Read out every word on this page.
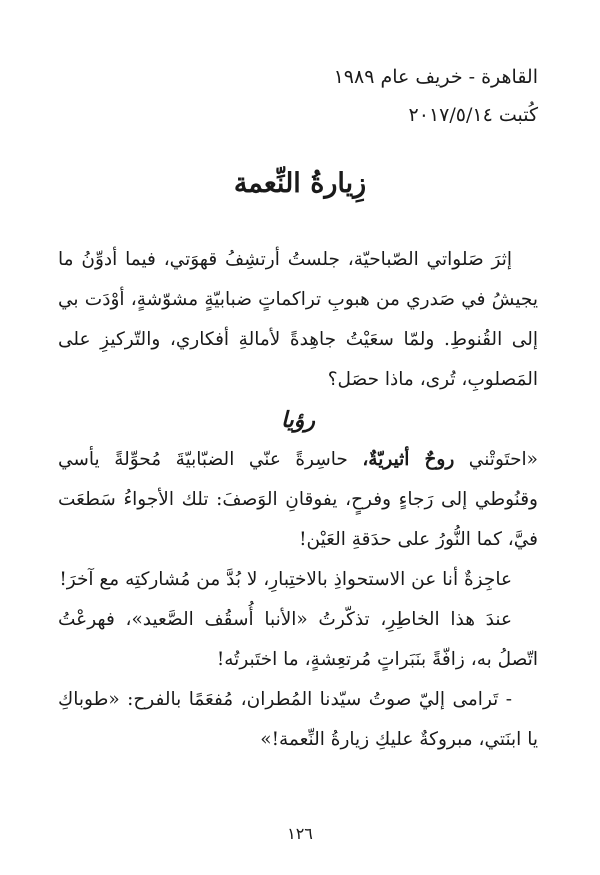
القاهرة - خريف عام ١٩٨٩
كُتبت ٢٠١٧/٥/١٤
زِيارةُ النِّعمة

إثرَ صَلواتي الصّباحيّة، جلستُ أرتشِفُ قهوَتي، فيما أدوِّنُ ما يجيشُ في صَدري من هبوبِ تراكماتٍ ضبابيّةٍ مشوّشةٍ، أوْدَت بي إلى القُنوطِ. ولمّا سعَيْتُ جاهِدةً لأمالةِ أفكاري، والتّركيزِ على المَصلوبِ، تُرى، ماذا حصَل؟

رؤيا

«احتَوتْني روحٌ أثيريّةٌ، حاسِرةً عنّي الضبّابيّةَ مُحوِّلةً يأسي وقنُوطي إلى رَجاءٍ وفرحٍ، يفوقانِ الوَصفَ: تلك الأجواءُ سَطعَت فيَّ، كما النُّورُ على حدَقةِ العَيْن!

عاجِزةٌ أنا عن الاستحواذِ بالاختِبارِ، لا بُدَّ من مُشاركتِه مع آخرَ!

عندَ هذا الخاطِرِ، تذكّرتُ «الأنبا أُسقُف الصَّعيد»، فهرعْتُ اتّصلُ به، زافّةً بنَبَراتٍ مُرتعِشةٍ، ما اختَبرتُه!

- تَرامى إليّ صوتُ سيّدنا المُطران، مُفعَمًا بالفرح: «طوباكِ يا ابنَتي، مبروكةٌ عليكِ زيارةُ النِّعمة!»

١٢٦
